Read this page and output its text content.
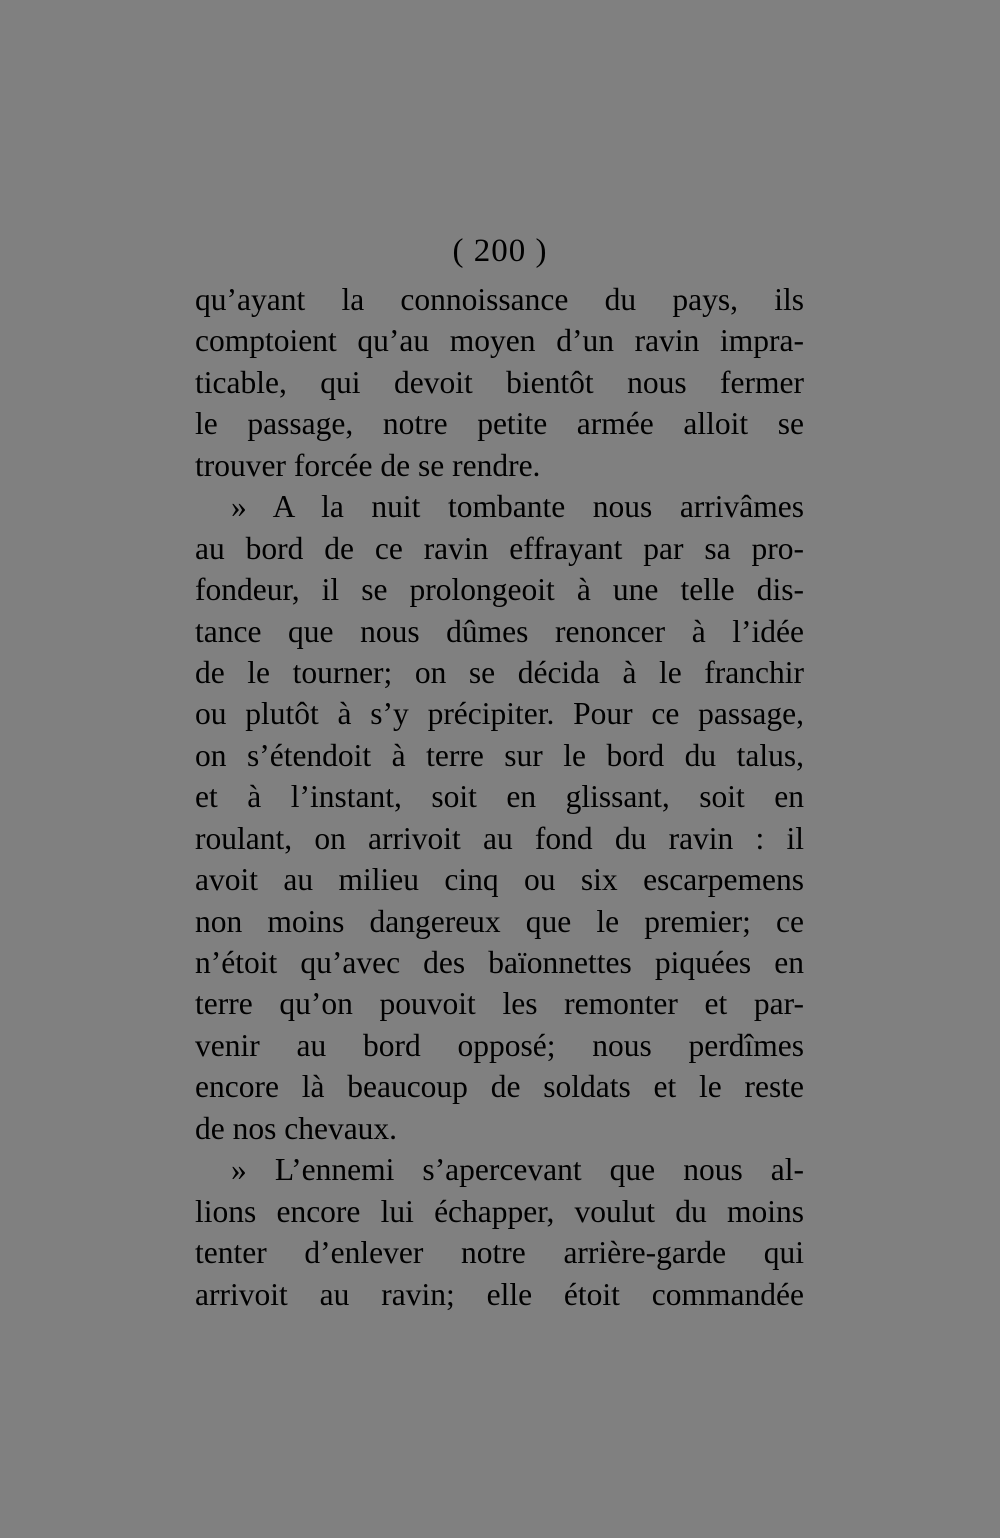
( 200 )
qu’ayant la connoissance du pays, ils
comptoient qu’au moyen d’un ravin impra-
ticable, qui devoit bientôt nous fermer
le passage, notre petite armée alloit se
trouver forcée de se rendre.
» A la nuit tombante nous arrivâmes
au bord de ce ravin effrayant par sa pro-
fondeur, il se prolongeoit à une telle dis-
tance que nous dûmes renoncer à l’idée
de le tourner; on se décida à le franchir
ou plutôt à s’y précipiter. Pour ce passage,
on s’étendoit à terre sur le bord du talus,
et à l’instant, soit en glissant, soit en
roulant, on arrivoit au fond du ravin : il
avoit au milieu cinq ou six escarpemens
non moins dangereux que le premier; ce
n’étoit qu’avec des baïonnettes piquées en
terre qu’on pouvoit les remonter et par-
venir au bord opposé; nous perdîmes
encore là beaucoup de soldats et le reste
de nos chevaux.
» L’ennemi s’apercevant que nous al-
lions encore lui échapper, voulut du moins
tenter d’enlever notre arrière-garde qui
arrivoit au ravin; elle étoit commandée
